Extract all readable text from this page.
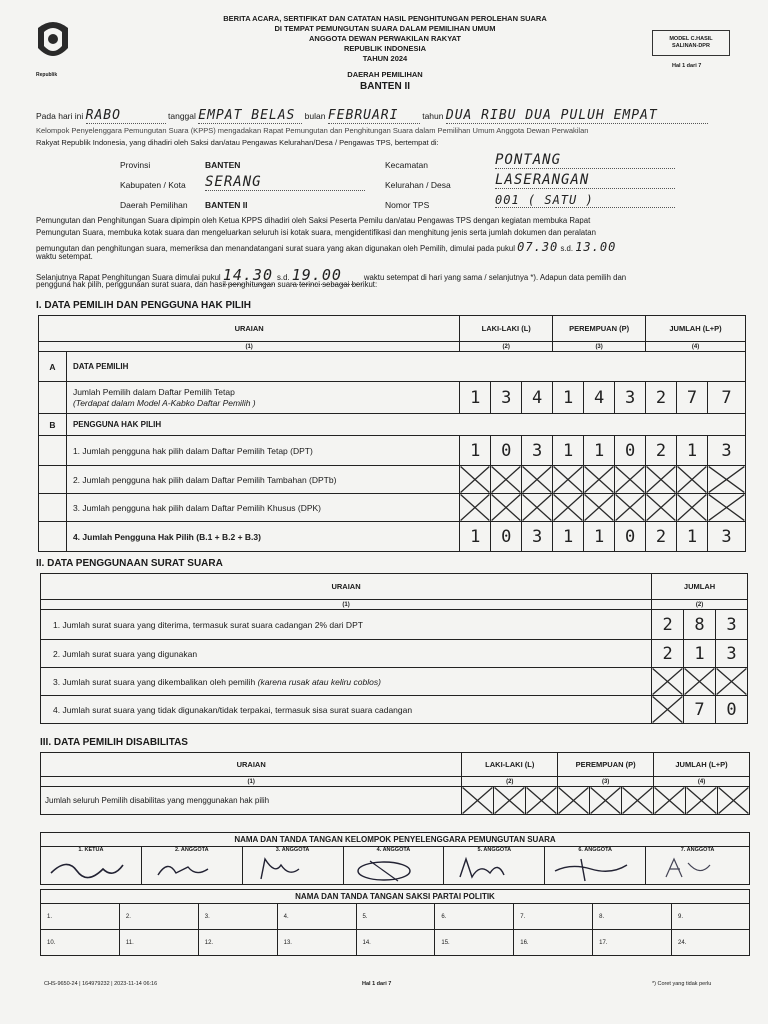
Republik
BERITA ACARA, SERTIFIKAT DAN CATATAN HASIL PENGHITUNGAN PEROLEHAN SUARA
DI TEMPAT PEMUNGUTAN SUARA DALAM PEMILIHAN UMUM
ANGGOTA DEWAN PERWAKILAN RAKYAT
REPUBLIK INDONESIA
TAHUN 2024
DAERAH PEMILIHAN
BANTEN II
MODEL C.HASIL
SALINAN-DPR
Hal 1 dari 7
Pada hari ini RABO	tanggal EMPAT BELAS bulan FEBRUARI	tahun DUA RIBU DUA PULUH EMPAT
Kelompok Penyelenggara Pemungutan Suara (KPPS) mengadakan Rapat Pemungutan dan Penghitungan Suara dalam Pemilihan Umum Anggota Dewan Perwakilan
Rakyat Republik Indonesia, yang dihadiri oleh Saksi dan/atau Pengawas Kelurahan/Desa / Pengawas TPS, bertempat di:
Provinsi	BANTEN
Kabupaten / Kota SERANG
Daerah Pemilihan BANTEN II
Kecamatan	PONTANG
Kelurahan / Desa	LASERANGAN
Nomor TPS	001 ( SATU )
Pemungutan dan Penghitungan Suara dipimpin oleh Ketua KPPS dihadiri oleh Saksi Peserta Pemilu dan/atau Pengawas TPS dengan kegiatan membuka Rapat
Pemungutan Suara, membuka kotak suara dan mengeluarkan seluruh isi kotak suara, mengidentifikasi dan menghitung jenis serta jumlah dokumen dan peralatan
pemungutan dan penghitungan suara, memeriksa dan menandatangani surat suara yang akan digunakan oleh Pemilih, dimulai pada pukul 07.30 s.d. 13.00
waktu setempat.
Selanjutnya Rapat Penghitungan Suara dimulai pukul 14.30 s.d. 19.00	waktu setempat di hari yang sama / selanjutnya *). Adapun data pemilih dan
pengguna hak pilih, penggunaan surat suara, dan hasil penghitungan suara terinci sebagai berikut:
I. DATA PEMILIH DAN PENGGUNA HAK PILIH
URAIAN		LAKI-LAKI (L)			PEREMPUAN (P)			JUMLAH (L+P)		
(1)		(2)			(3)			(4)		
A	DATA PEMILIH									

	Jumlah Pemilih dalam Daftar Pemilih Tetap
(Terdapat dalam Model A-Kabko Daftar Pemilih )	1	3	4	1	4	3	2	7	7
B	PENGGUNA HAK PILIH									
	1. Jumlah pengguna hak pilih dalam Daftar Pemilih Tetap (DPT)	1	0	3	1	1	0	2	1	3
	2. Jumlah pengguna hak pilih dalam Daftar Pemilih Tambahan (DPTb)	

	3. Jumlah pengguna hak pilih dalam Daftar Pemilih Khusus (DPK)	

	4. Jumlah Pengguna Hak Pilih (B.1 + B.2 + B.3)	1	0	3	1	1	0	2	1	3
II. DATA PENGGUNAAN SURAT SUARA
URAIAN	JUMLAH		
(1)	(2)		
1. Jumlah surat suara yang diterima, termasuk surat suara cadangan 2% dari DPT	2	8	3
2. Jumlah surat suara yang digunakan	2	1	3
3. Jumlah surat suara yang dikembalikan oleh pemilih (karena rusak atau keliru coblos)	

4. Jumlah surat suara yang tidak digunakan/tidak terpakai, termasuk sisa surat suara cadangan		7	0
III. DATA PEMILIH DISABILITAS
URAIAN	LAKI-LAKI (L)			PEREMPUAN (P)			JUMLAH (L+P)		
(1)	(2)			(3)			(4)		
Jumlah seluruh Pemilih disabilitas yang menggunakan hak pilih	

NAMA DAN TANDA TANGAN KELOMPOK PENYELENGGARA PEMUNGUTAN SUARA
1. KETUA	2. ANGGOTA	3. ANGGOTA	4. ANGGOTA	5. ANGGOTA	6. ANGGOTA	7. ANGGOTA
NAMA DAN TANDA TANGAN SAKSI PARTAI POLITIK								
1.	2.	3.	4.	5.	6.	7.	8.	9.
10.	11.	12.	13.	14.	15.	16.	17.	24.
CHS-9650-24 | 164979232 | 2023-11-14 06:16	Hal 1 dari 7	*) Coret yang tidak perlu
